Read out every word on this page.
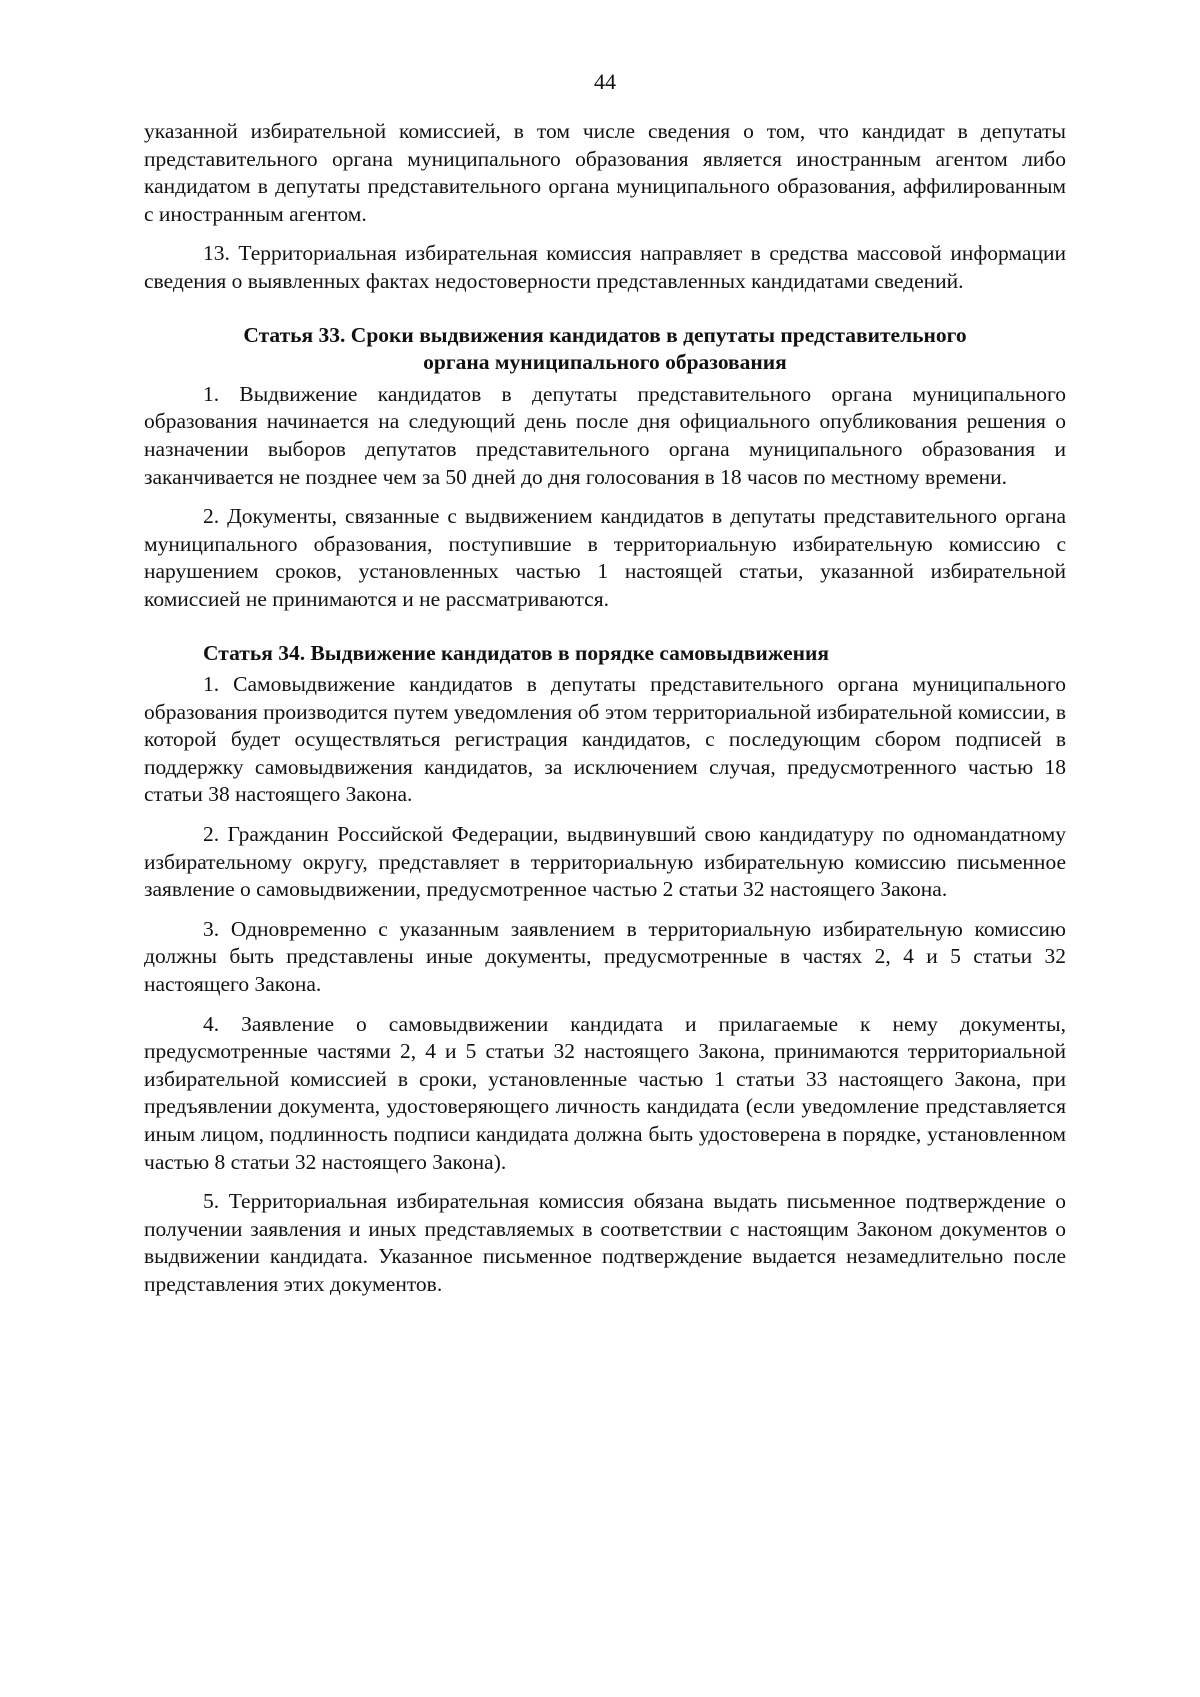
44

указанной избирательной комиссией, в том числе сведения о том, что кандидат в депутаты представительного органа муниципального образования является иностранным агентом либо кандидатом в депутаты представительного органа муниципального образования, аффилированным с иностранным агентом.

13. Территориальная избирательная комиссия направляет в средства массовой информации сведения о выявленных фактах недостоверности представленных кандидатами сведений.

Статья 33. Сроки выдвижения кандидатов в депутаты представительного
органа муниципального образования

1. Выдвижение кандидатов в депутаты представительного органа муниципального образования начинается на следующий день после дня официального опубликования решения о назначении выборов депутатов представительного органа муниципального образования и заканчивается не позднее чем за 50 дней до дня голосования в 18 часов по местному времени.

2. Документы, связанные с выдвижением кандидатов в депутаты представительного органа муниципального образования, поступившие в территориальную избирательную комиссию с нарушением сроков, установленных частью 1 настоящей статьи, указанной избирательной комиссией не принимаются и не рассматриваются.

Статья 34. Выдвижение кандидатов в порядке самовыдвижения

1. Самовыдвижение кандидатов в депутаты представительного органа муниципального образования производится путем уведомления об этом территориальной избирательной комиссии, в которой будет осуществляться регистрация кандидатов, с последующим сбором подписей в поддержку самовыдвижения кандидатов, за исключением случая, предусмотренного частью 18 статьи 38 настоящего Закона.

2. Гражданин Российской Федерации, выдвинувший свою кандидатуру по одномандатному избирательному округу, представляет в территориальную избирательную комиссию письменное заявление о самовыдвижении, предусмотренное частью 2 статьи 32 настоящего Закона.

3. Одновременно с указанным заявлением в территориальную избирательную комиссию должны быть представлены иные документы, предусмотренные в частях 2, 4 и 5 статьи 32 настоящего Закона.

4. Заявление о самовыдвижении кандидата и прилагаемые к нему документы, предусмотренные частями 2, 4 и 5 статьи 32 настоящего Закона, принимаются территориальной избирательной комиссией в сроки, установленные частью 1 статьи 33 настоящего Закона, при предъявлении документа, удостоверяющего личность кандидата (если уведомление представляется иным лицом, подлинность подписи кандидата должна быть удостоверена в порядке, установленном частью 8 статьи 32 настоящего Закона).

5. Территориальная избирательная комиссия обязана выдать письменное подтверждение о получении заявления и иных представляемых в соответствии с настоящим Законом документов о выдвижении кандидата. Указанное письменное подтверждение выдается незамедлительно после представления этих документов.
